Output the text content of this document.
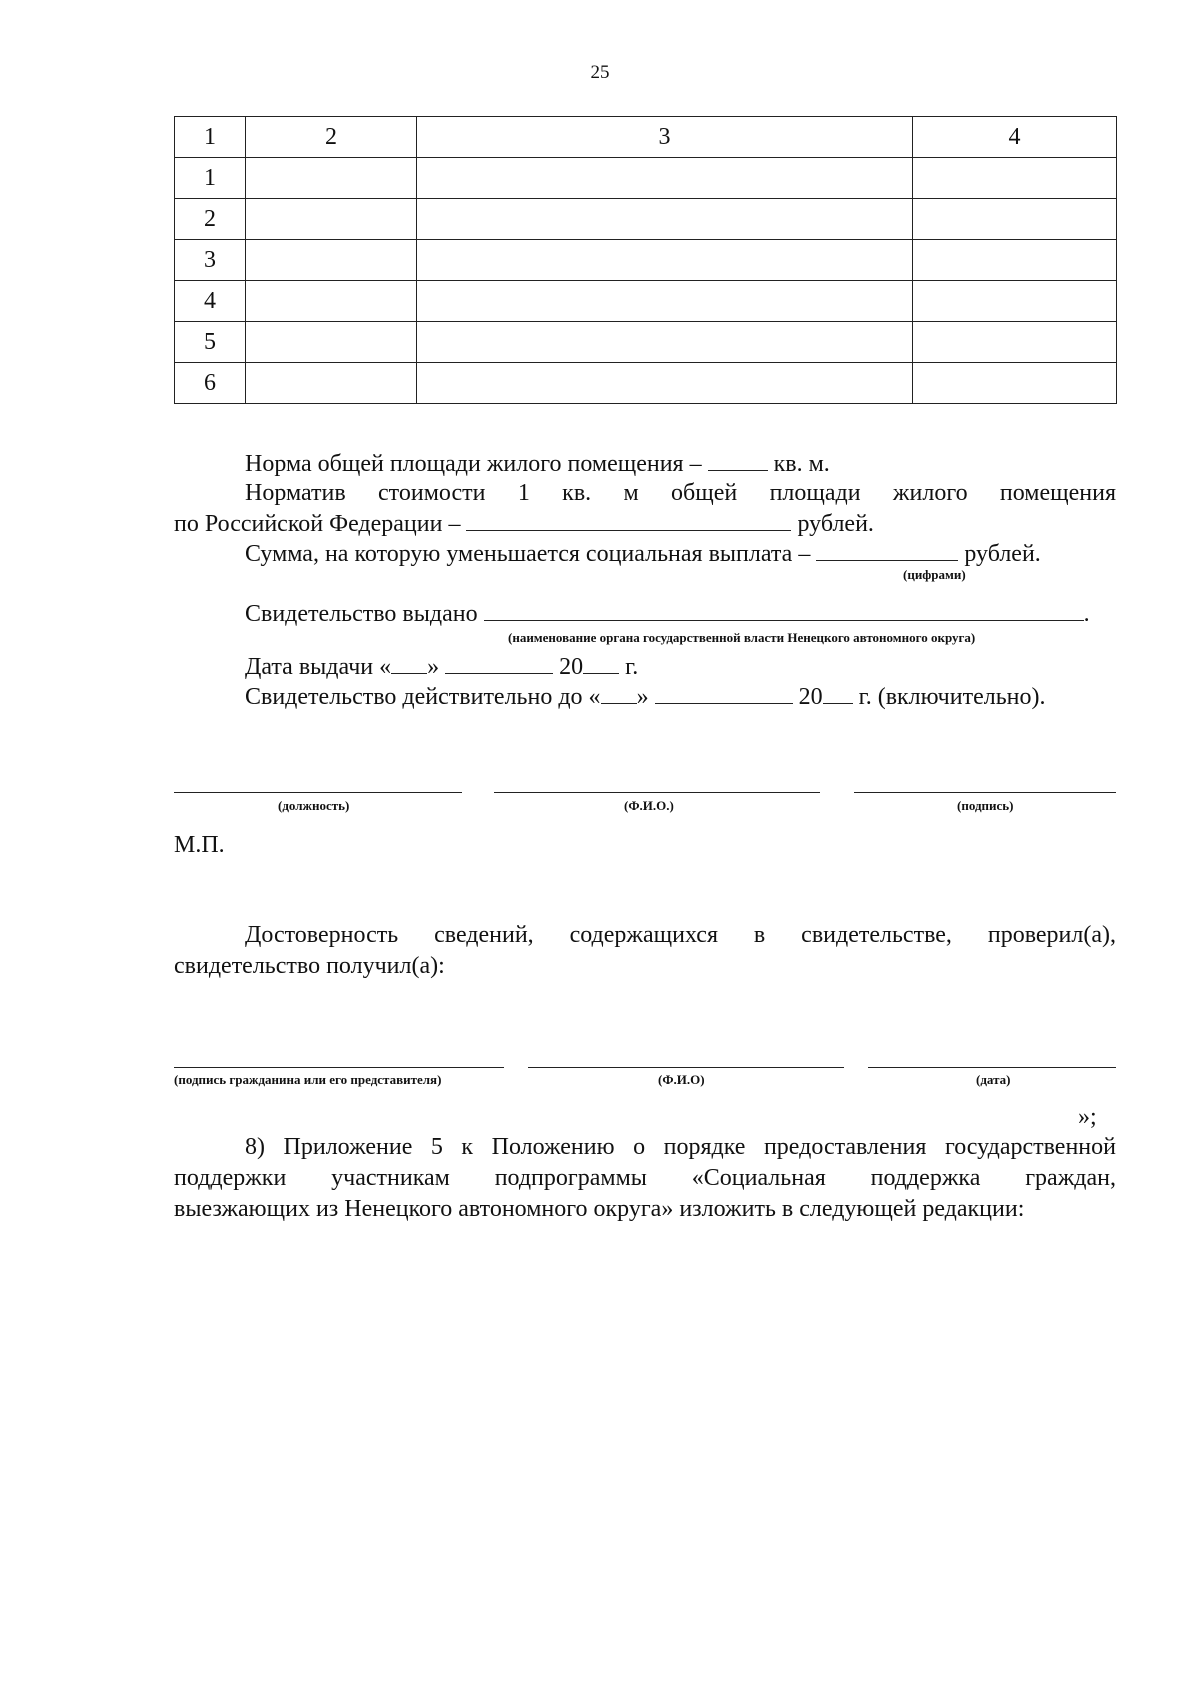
25
1	2	3	4
1			
2			
3			
4			
5			
6			
Норма общей площади жилого помещения –	кв. м.
Норматив стоимости 1 кв. м общей площади жилого помещения
по Российской Федерации –	рублей.
Сумма, на которую уменьшается социальная выплата –	рублей.
(цифрами)
Свидетельство выдано	.
(наименование органа государственной власти Ненецкого автономного округа)
Дата выдачи « »	20 г.
Свидетельство действительно до « »	20 г. (включительно).
(должность)	(Ф.И.О.)	(подпись)
М.П.
Достоверность сведений, содержащихся в свидетельстве, проверил(а),
свидетельство получил(а):
(подпись гражданина или его представителя)	(Ф.И.О)	(дата)
»;
8) Приложение 5 к Положению о порядке предоставления государственной
поддержки участникам подпрограммы «Социальная поддержка граждан,
выезжающих из Ненецкого автономного округа» изложить в следующей редакции:
